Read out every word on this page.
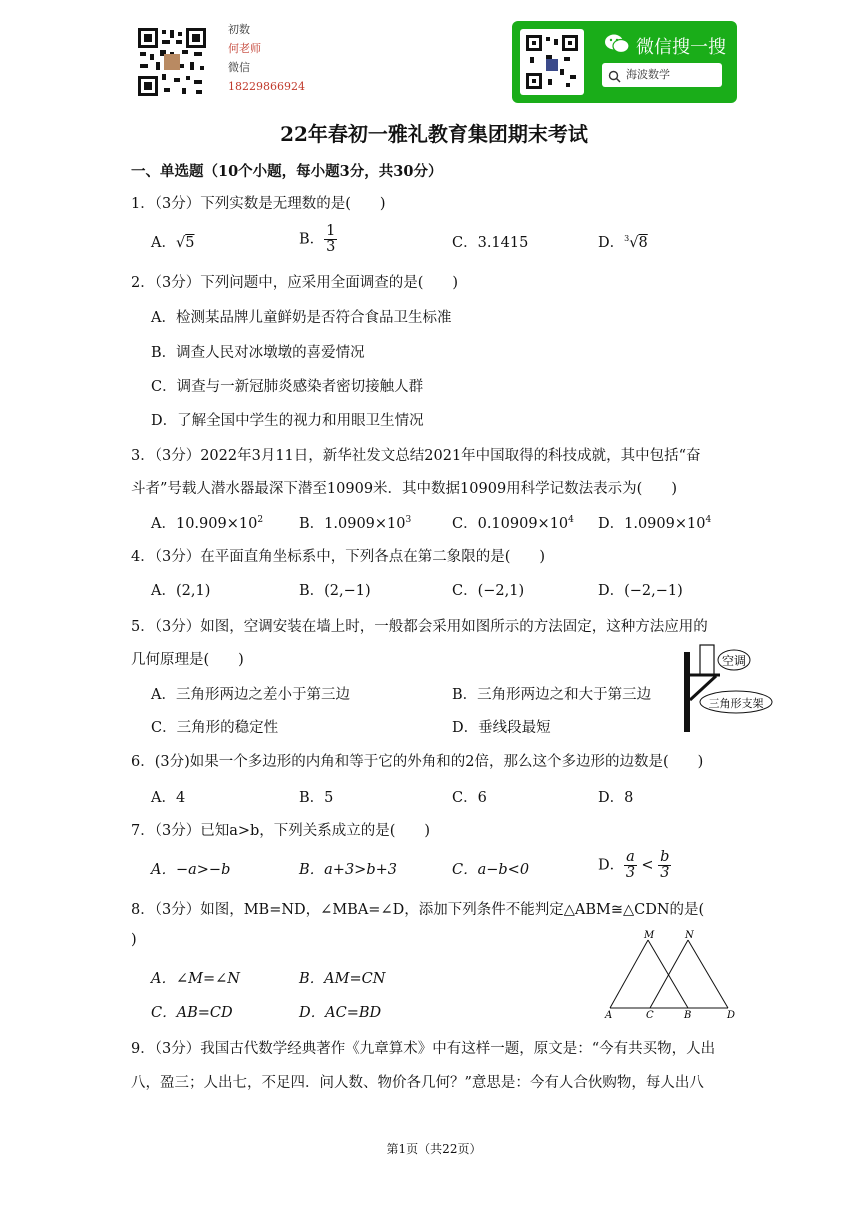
初数
何老师
微信
18229866924
微信搜一搜
海波数学
22年春初一雅礼教育集团期末考试
一、单选题（10个小题，每小题3分，共30分）
1．（3分）下列实数是无理数的是(　　)
A．√5	B． $\frac{1}{3}$	C．3.1415	D．$^3$√8
2．（3分）下列问题中，应采用全面调查的是(　　)
A．检测某品牌儿童鲜奶是否符合食品卫生标准
B．调查人民对冰墩墩的喜爱情况
C．调查与一新冠肺炎感染者密切接触人群
D．了解全国中学生的视力和用眼卫生情况
3．（3分）2022年3月11日，新华社发文总结2021年中国取得的科技成就，其中包括“奋
斗者”号载人潜水器最深下潜至10909米．其中数据10909用科学记数法表示为(　　)
A．$10.909\times 10^2$ B．$1.0909\times 10^3$	C．$0.10909\times 10^4$ D．$1.0909\times 10^4$
4．（3分）在平面直角坐标系中，下列各点在第二象限的是(　　)
A．(2,1)	B．(2,−1)	C．(−2,1)	D．(−2,−1)
5．（3分）如图，空调安装在墙上时，一般都会采用如图所示的方法固定，这种方法应用的
几何原理是(　　)
A．三角形两边之差小于第三边	B．三角形两边之和大于第三边
C．三角形的稳定性	D．垂线段最短
空调
三角形支架
6．(3分)如果一个多边形的内角和等于它的外角和的2倍，那么这个多边形的边数是(　　)
A．4	B．5	C．6	D．8
7．（3分）已知a>b，下列关系成立的是(　　)
A．−a>−b	B．a+3>b+3	C．a−b<0	D． $\frac{a}{3} < \frac{b}{3}$
8．（3分）如图，MB=ND，∠MBA=∠D，添加下列条件不能判定△ABM≅△CDN的是(
)
A．∠M=∠N	B．AM=CN
C．AB=CD	D．AC=BD
M	N
A	C	B	D
9．（3分）我国古代数学经典著作《九章算术》中有这样一题，原文是：“今有共买物，人出
八，盈三；人出七，不足四．问人数、物价各几何？”意思是：今有人合伙购物，每人出八
第1页（共22页）
